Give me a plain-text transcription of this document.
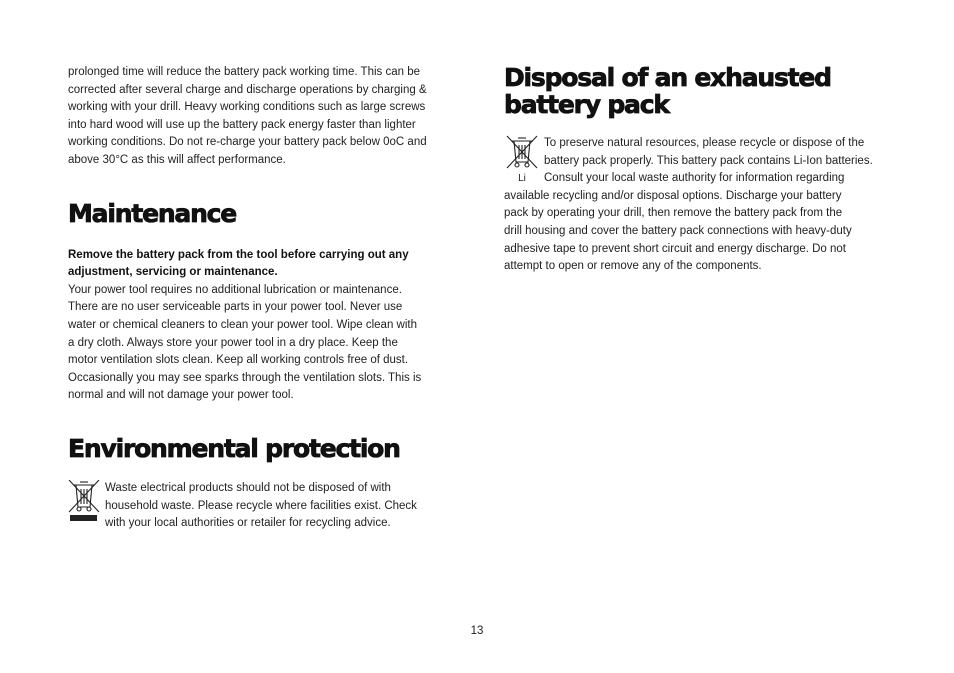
prolonged time will reduce the battery pack working time. This can be

corrected after several charge and discharge operations by charging &

working with your drill. Heavy working conditions such as large screws

into hard wood will use up the battery pack energy faster than lighter

working conditions. Do not re-charge your battery pack below 0oC and

above 30°C as this will affect performance.

Maintenance

Remove the battery pack from the tool before carrying out any

adjustment, servicing or maintenance.

Your power tool requires no additional lubrication or maintenance.

There are no user serviceable parts in your power tool. Never use

water or chemical cleaners to clean your power tool. Wipe clean with

a dry cloth. Always store your power tool in a dry place. Keep the

motor ventilation slots clean. Keep all working controls free of dust.

Occasionally you may see sparks through the ventilation slots. This is

normal and will not damage your power tool.

Environmental protection

Waste electrical products should not be disposed of with

household waste. Please recycle where facilities exist. Check

with your local authorities or retailer for recycling advice.

Disposal of an exhausted
battery pack
Li

To preserve natural resources, please recycle or dispose of the

battery pack properly. This battery pack contains Li-Ion batteries.

Consult your local waste authority for information regarding

available recycling and/or disposal options. Discharge your battery

pack by operating your drill, then remove the battery pack from the

drill housing and cover the battery pack connections with heavy-duty

adhesive tape to prevent short circuit and energy discharge. Do not

attempt to open or remove any of the components.

13
